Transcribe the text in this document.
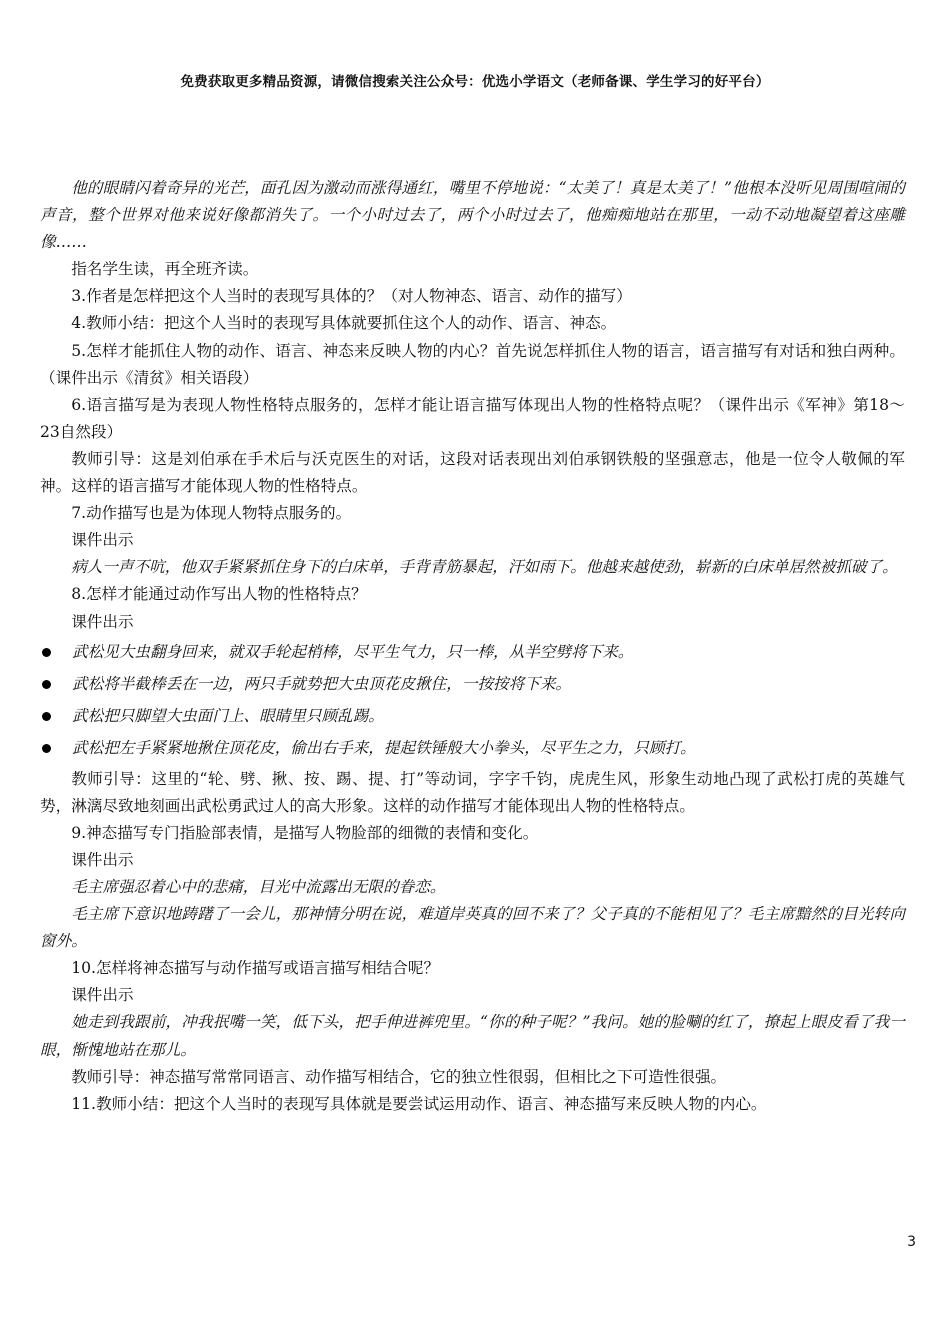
免费获取更多精品资源，请微信搜索关注公众号：优选小学语文（老师备课、学生学习的好平台）

他的眼睛闪着奇异的光芒，面孔因为激动而涨得通红，嘴里不停地说：“太美了！真是太美了！”他根本没听见周围喧闹的声音，整个世界对他来说好像都消失了。一个小时过去了，两个小时过去了，他痴痴地站在那里，一动不动地凝望着这座雕像……

指名学生读，再全班齐读。

3.作者是怎样把这个人当时的表现写具体的？（对人物神态、语言、动作的描写）

4.教师小结：把这个人当时的表现写具体就要抓住这个人的动作、语言、神态。

5.怎样才能抓住人物的动作、语言、神态来反映人物的内心？首先说怎样抓住人物的语言，语言描写有对话和独白两种。（课件出示《清贫》相关语段）

6.语言描写是为表现人物性格特点服务的，怎样才能让语言描写体现出人物的性格特点呢？（课件出示《军神》第18～23自然段）

教师引导：这是刘伯承在手术后与沃克医生的对话，这段对话表现出刘伯承钢铁般的坚强意志，他是一位令人敬佩的军神。这样的语言描写才能体现人物的性格特点。

7.动作描写也是为体现人物特点服务的。

课件出示

病人一声不吭，他双手紧紧抓住身下的白床单，手背青筋暴起，汗如雨下。他越来越使劲，崭新的白床单居然被抓破了。

8.怎样才能通过动作写出人物的性格特点？

课件出示

武松见大虫翻身回来，就双手轮起梢棒，尽平生气力，只一棒，从半空劈将下来。
武松将半截棒丢在一边，两只手就势把大虫顶花皮揪住，一按按将下来。
武松把只脚望大虫面门上、眼睛里只顾乱踢。
武松把左手紧紧地揪住顶花皮，偷出右手来，提起铁锤般大小拳头，尽平生之力，只顾打。

教师引导：这里的“轮、劈、揪、按、踢、提、打”等动词，字字千钧，虎虎生风，形象生动地凸现了武松打虎的英雄气势，淋漓尽致地刻画出武松勇武过人的高大形象。这样的动作描写才能体现出人物的性格特点。

9.神态描写专门指脸部表情，是描写人物脸部的细微的表情和变化。

课件出示

毛主席强忍着心中的悲痛，目光中流露出无限的眷恋。

毛主席下意识地踌躇了一会儿，那神情分明在说，难道岸英真的回不来了？父子真的不能相见了？毛主席黯然的目光转向窗外。

10.怎样将神态描写与动作描写或语言描写相结合呢？

课件出示

她走到我跟前，冲我抿嘴一笑，低下头，把手伸进裤兜里。“你的种子呢？”我问。她的脸唰的红了，撩起上眼皮看了我一眼，惭愧地站在那儿。

教师引导：神态描写常常同语言、动作描写相结合，它的独立性很弱，但相比之下可造性很强。

11.教师小结：把这个人当时的表现写具体就是要尝试运用动作、语言、神态描写来反映人物的内心。

3
